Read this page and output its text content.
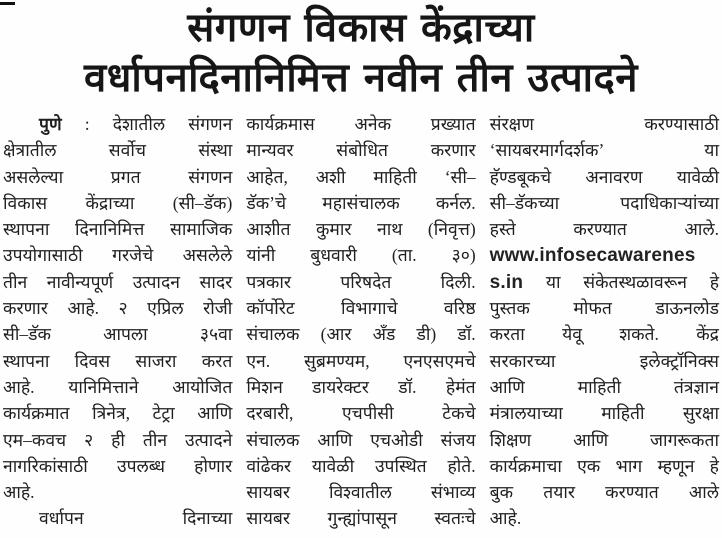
संगणन विकास केंद्राच्या
वर्धापनदिनानिमित्त नवीन तीन उत्पादने
पुणे : देशातील संगणन
क्षेत्रातील सर्वोच संस्था
असलेल्या प्रगत संगणन
विकास केंद्राच्या (सी–डॅक)
स्थापना दिनानिमित्त सामाजिक
उपयोगासाठी गरजेचे असलेले
तीन नावीन्यपूर्ण उत्पादन सादर
करणार आहे. २ एप्रिल रोजी
सी–डॅक आपला ३५वा
स्थापना दिवस साजरा करत
आहे. यानिमित्ताने आयोजित
कार्यक्रमात त्रिनेत्र, टेट्रा आणि
एम–कवच २ ही तीन उत्पादने
नागरिकांसाठी उपलब्ध होणार
आहे.
वर्धापन दिनाच्या
कार्यक्रमास अनेक प्रख्यात
मान्यवर संबोधित करणार
आहेत, अशी माहिती ‘सी–
डॅक’चे महासंचालक कर्नल.
आशीत कुमार नाथ (निवृत्त)
यांनी बुधवारी (ता. ३०)
पत्रकार परिषदेत दिली.
कॉर्पोरेट विभागाचे वरिष्ठ
संचालक (आर अँड डी) डॉ.
एन. सुब्रमण्यम, एनएसएमचे
मिशन डायरेक्टर डॉ. हेमंत
दरबारी, एचपीसी टेकचे
संचालक आणि एचओडी संजय
वांढेकर यावेळी उपस्थित होते.
सायबर विश्वातील संभाव्य
सायबर गुन्ह्यांपासून स्वतःचे
संरक्षण करण्यासाठी
‘सायबरमार्गदर्शक’ या
हॅण्डबूकचे अनावरण यावेळी
सी–डॅकच्या पदाधिकाऱ्यांच्या
हस्ते करण्यात आले.
www.infosecawarenes
s.in या संकेतस्थळावरून हे
पुस्तक मोफत डाऊनलोड
करता येवू शकते. केंद्र
सरकारच्या इलेक्ट्रॉनिक्स
आणि माहिती तंत्रज्ञान
मंत्रालयाच्या माहिती सुरक्षा
शिक्षण आणि जागरूकता
कार्यक्रमाचा एक भाग म्हणून हे
बुक तयार करण्यात आले
आहे.
